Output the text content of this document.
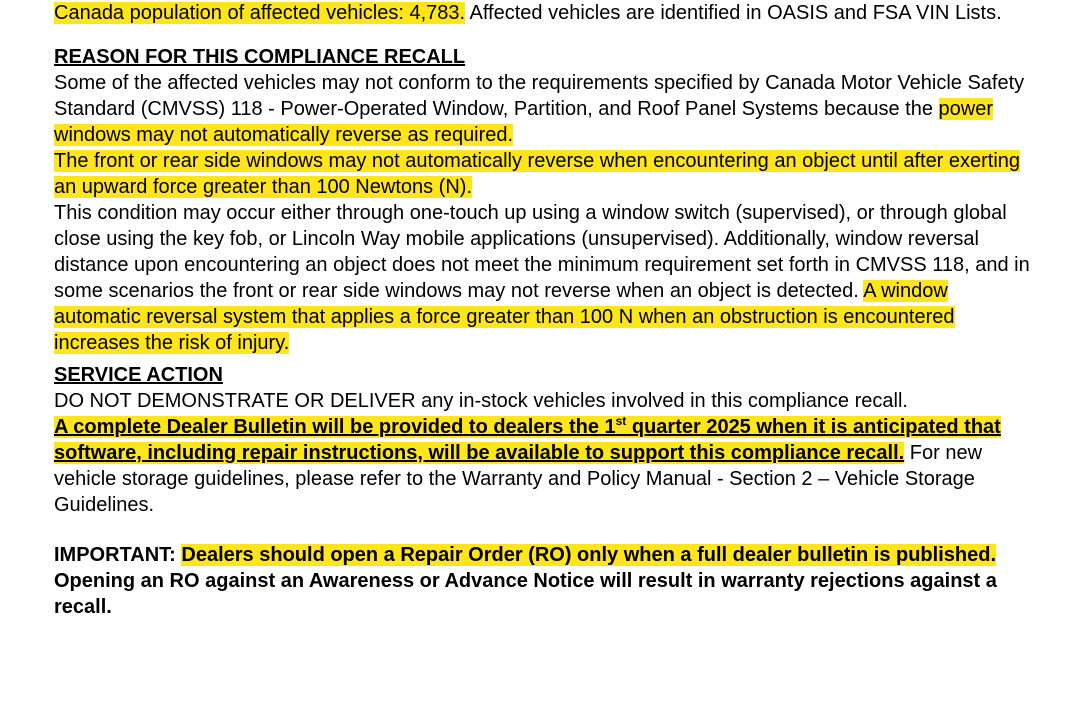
Canada population of affected vehicles: 4,783. Affected vehicles are identified in OASIS and FSA VIN Lists.

REASON FOR THIS COMPLIANCE RECALL

Some of the affected vehicles may not conform to the requirements specified by Canada Motor Vehicle Safety Standard (CMVSS) 118 - Power-Operated Window, Partition, and Roof Panel Systems because the power windows may not automatically reverse as required.

The front or rear side windows may not automatically reverse when encountering an object until after exerting an upward force greater than 100 Newtons (N).

This condition may occur either through one-touch up using a window switch (supervised), or through global close using the key fob, or Lincoln Way mobile applications (unsupervised). Additionally, window reversal distance upon encountering an object does not meet the minimum requirement set forth in CMVSS 118, and in some scenarios the front or rear side windows may not reverse when an object is detected. A window automatic reversal system that applies a force greater than 100 N when an obstruction is encountered increases the risk of injury.

SERVICE ACTION

DO NOT DEMONSTRATE OR DELIVER any in-stock vehicles involved in this compliance recall.

A complete Dealer Bulletin will be provided to dealers the 1st quarter 2025 when it is anticipated that software, including repair instructions, will be available to support this compliance recall. For new vehicle storage guidelines, please refer to the Warranty and Policy Manual - Section 2 – Vehicle Storage Guidelines.

IMPORTANT: Dealers should open a Repair Order (RO) only when a full dealer bulletin is published. Opening an RO against an Awareness or Advance Notice will result in warranty rejections against a recall.
